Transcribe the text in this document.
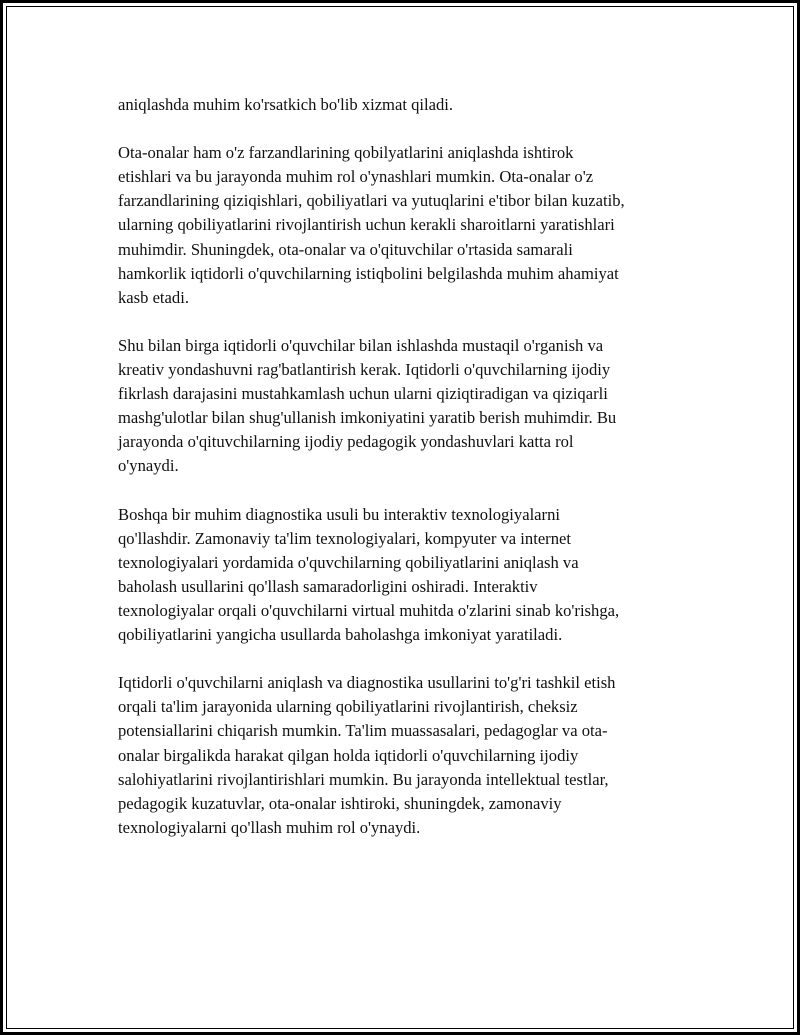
aniqlashda muhim ko'rsatkich bo'lib xizmat qiladi.

Ota-onalar ham o'z farzandlarining qobilyatlarini aniqlashda ishtirok
etishlari va bu jarayonda muhim rol o'ynashlari mumkin. Ota-onalar o'z
farzandlarining qiziqishlari, qobiliyatlari va yutuqlarini e'tibor bilan kuzatib,
ularning qobiliyatlarini rivojlantirish uchun kerakli sharoitlarni yaratishlari
muhimdir. Shuningdek, ota-onalar va o'qituvchilar o'rtasida samarali
hamkorlik iqtidorli o'quvchilarning istiqbolini belgilashda muhim ahamiyat
kasb etadi.

Shu bilan birga iqtidorli o'quvchilar bilan ishlashda mustaqil o'rganish va
kreativ yondashuvni rag'batlantirish kerak. Iqtidorli o'quvchilarning ijodiy
fikrlash darajasini mustahkamlash uchun ularni qiziqtiradigan va qiziqarli
mashg'ulotlar bilan shug'ullanish imkoniyatini yaratib berish muhimdir. Bu
jarayonda o'qituvchilarning ijodiy pedagogik yondashuvlari katta rol
o'ynaydi.

Boshqa bir muhim diagnostika usuli bu interaktiv texnologiyalarni
qo'llashdir. Zamonaviy ta'lim texnologiyalari, kompyuter va internet
texnologiyalari yordamida o'quvchilarning qobiliyatlarini aniqlash va
baholash usullarini qo'llash samaradorligini oshiradi. Interaktiv
texnologiyalar orqali o'quvchilarni virtual muhitda o'zlarini sinab ko'rishga,
qobiliyatlarini yangicha usullarda baholashga imkoniyat yaratiladi.

Iqtidorli o'quvchilarni aniqlash va diagnostika usullarini to'g'ri tashkil etish
orqali ta'lim jarayonida ularning qobiliyatlarini rivojlantirish, cheksiz
potensiallarini chiqarish mumkin. Ta'lim muassasalari, pedagoglar va ota-
onalar birgalikda harakat qilgan holda iqtidorli o'quvchilarning ijodiy
salohiyatlarini rivojlantirishlari mumkin. Bu jarayonda intellektual testlar,
pedagogik kuzatuvlar, ota-onalar ishtiroki, shuningdek, zamonaviy
texnologiyalarni qo'llash muhim rol o'ynaydi.
